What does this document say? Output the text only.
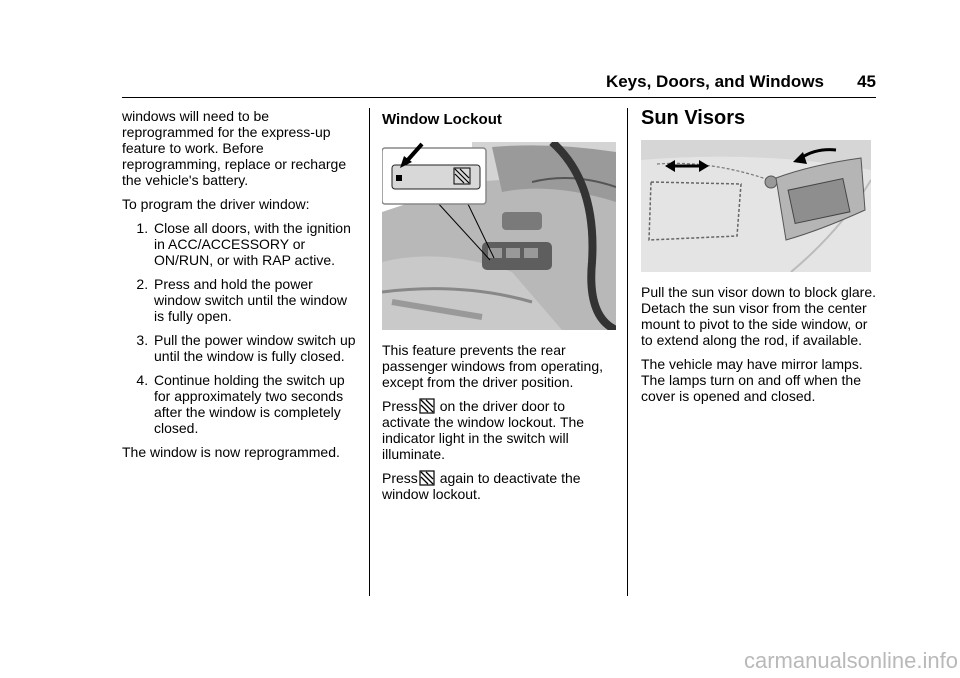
Keys, Doors, and Windows 45

windows will need to be reprogrammed for the express-up feature to work. Before reprogramming, replace or recharge the vehicle's battery.

To program the driver window:

1. Close all doors, with the ignition in ACC/ACCESSORY or ON/RUN, or with RAP active.
2. Press and hold the power window switch until the window is fully open.
3. Pull the power window switch up until the window is fully closed.
4. Continue holding the switch up for approximately two seconds after the window is completely closed.

The window is now reprogrammed.

Window Lockout

This feature prevents the rear passenger windows from operating, except from the driver position.

Press on the driver door to activate the window lockout. The indicator light in the switch will illuminate.

Press again to deactivate the window lockout.

Sun Visors

Pull the sun visor down to block glare. Detach the sun visor from the center mount to pivot to the side window, or to extend along the rod, if available.

The vehicle may have mirror lamps. The lamps turn on and off when the cover is opened and closed.

carmanualsonline.info
